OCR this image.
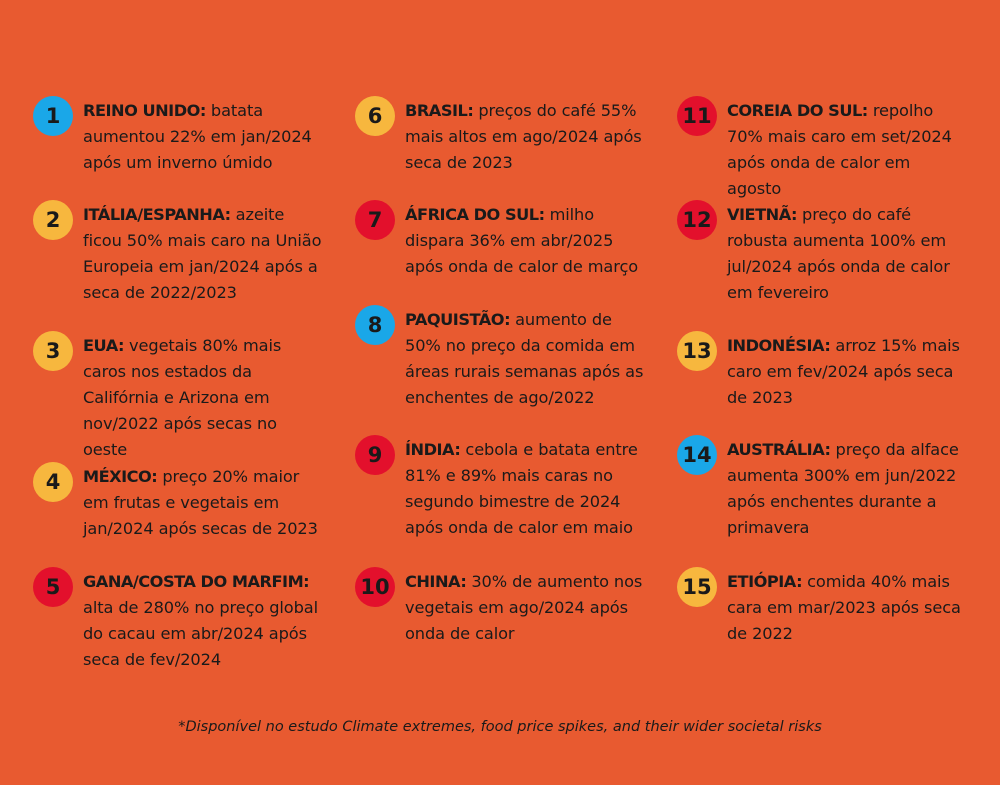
1	REINO UNIDO: batata aumentou 22% em jan/2024 após um inverno úmido
2	ITÁLIA/ESPANHA: azeite ficou 50% mais caro na União Europeia em jan/2024 após a seca de 2022/2023
3	EUA: vegetais 80% mais caros nos estados da Califórnia e Arizona em nov/2022 após secas no oeste
4	MÉXICO: preço 20% maior em frutas e vegetais em jan/2024 após secas de 2023
5	GANA/COSTA DO MARFIM: alta de 280% no preço global do cacau em abr/2024 após seca de fev/2024
6	BRASIL: preços do café 55% mais altos em ago/2024 após seca de 2023
7	ÁFRICA DO SUL: milho dispara 36% em abr/2025 após onda de calor de março
8	PAQUISTÃO: aumento de 50% no preço da comida em áreas rurais semanas após as enchentes de ago/2022
9	ÍNDIA: cebola e batata entre 81% e 89% mais caras no segundo bimestre de 2024 após onda de calor em maio
10 CHINA: 30% de aumento nos vegetais em ago/2024 após onda de calor
11 COREIA DO SUL: repolho 70% mais caro em set/2024 após onda de calor em agosto
12 VIETNÃ: preço do café robusta aumenta 100% em jul/2024 após onda de calor em fevereiro
13 INDONÉSIA: arroz 15% mais caro em fev/2024 após seca de 2023
14 AUSTRÁLIA: preço da alface aumenta 300% em jun/2022 após enchentes durante a primavera
15 ETIÓPIA: comida 40% mais cara em mar/2023 após seca de 2022
*Disponível no estudo Climate extremes, food price spikes, and their wider societal risks
